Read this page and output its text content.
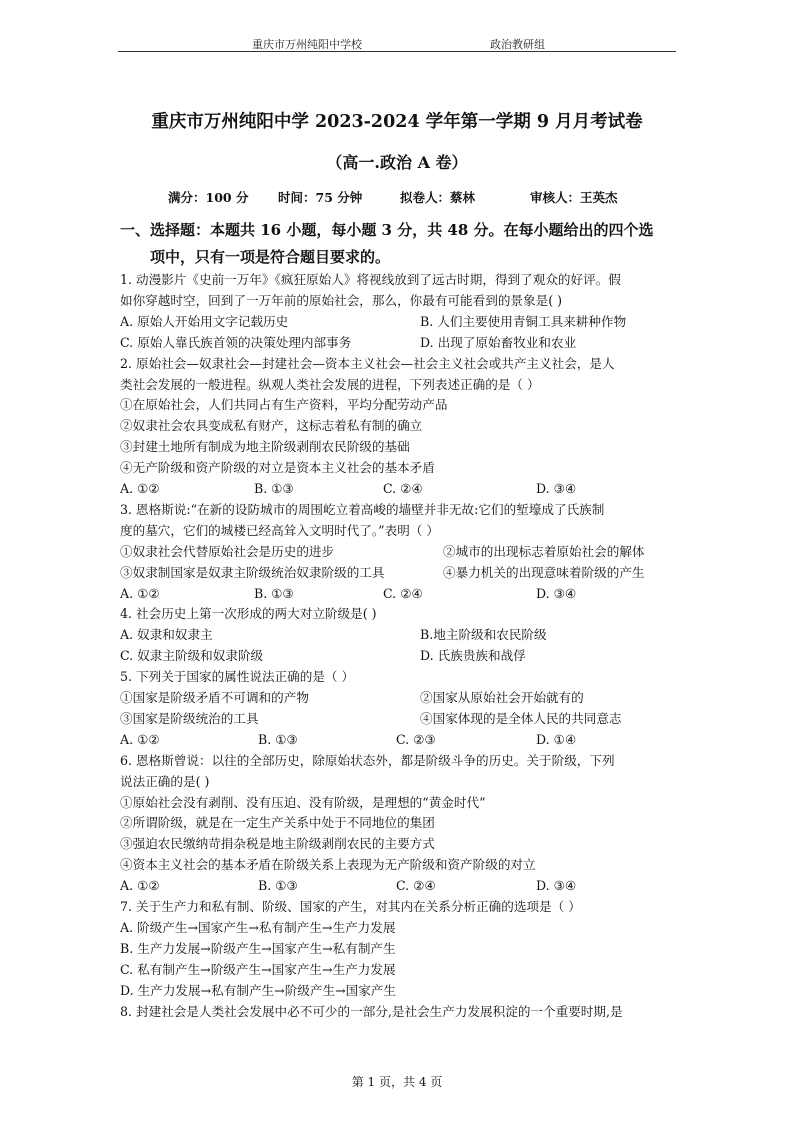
重庆市万州纯阳中学校	政治教研组
重庆市万州纯阳中学 2023-2024 学年第一学期 9 月月考试卷
（高一.政治 A 卷）
满分：100 分 时间：75 分钟	拟卷人：蔡林	审核人：王英杰
一、选择题：本题共 16 小题，每小题 3 分，共 48 分。在每小题给出的四个选
项中，只有一项是符合题目要求的。
1. 动漫影片《史前一万年》《疯狂原始人》将视线放到了远古时期，得到了观众的好评。假
如你穿越时空，回到了一万年前的原始社会，那么，你最有可能看到的景象是( )
A. 原始人开始用文字记载历史	B. 人们主要使用青铜工具来耕种作物
C. 原始人靠氏族首领的决策处理内部事务	D. 出现了原始畜牧业和农业
2. 原始社会—奴隶社会—封建社会—资本主义社会—社会主义社会或共产主义社会，是人
类社会发展的一般进程。纵观人类社会发展的进程，下列表述正确的是（ ）
①在原始社会，人们共同占有生产资料，平均分配劳动产品
②奴隶社会农具变成私有财产，这标志着私有制的确立
③封建土地所有制成为地主阶级剥削农民阶级的基础
④无产阶级和资产阶级的对立是资本主义社会的基本矛盾
A. ①②	B. ①③	C. ②④	D. ③④
3. 恩格斯说:“在新的设防城市的周围屹立着高峻的墙壁并非无故:它们的堑壕成了氏族制
度的墓穴，它们的城楼已经高耸入文明时代了。”表明（ ）
①奴隶社会代替原始社会是历史的进步	②城市的出现标志着原始社会的解体
③奴隶制国家是奴隶主阶级统治奴隶阶级的工具	④暴力机关的出现意味着阶级的产生
A. ①②	B. ①③	C. ②④	D. ③④
4. 社会历史上第一次形成的两大对立阶级是( )
A. 奴隶和奴隶主	B.地主阶级和农民阶级
C. 奴隶主阶级和奴隶阶级	D. 氏族贵族和战俘
5. 下列关于国家的属性说法正确的是（ ）
①国家是阶级矛盾不可调和的产物	②国家从原始社会开始就有的
③国家是阶级统治的工具	④国家体现的是全体人民的共同意志
A. ①②	B. ①③	C. ②③	D. ①④
6. 恩格斯曾说：以往的全部历史，除原始状态外，都是阶级斗争的历史。关于阶级，下列
说法正确的是( )
①原始社会没有剥削、没有压迫、没有阶级，是理想的“黄金时代”
②所谓阶级，就是在一定生产关系中处于不同地位的集团
③强迫农民缴纳苛捐杂税是地主阶级剥削农民的主要方式
④资本主义社会的基本矛盾在阶级关系上表现为无产阶级和资产阶级的对立
A. ①②	B. ①③	C. ②④	D. ③④
7. 关于生产力和私有制、阶级、国家的产生，对其内在关系分析正确的选项是（ ）
A. 阶级产生→国家产生→私有制产生→生产力发展
B. 生产力发展→阶级产生→国家产生→私有制产生
C. 私有制产生→阶级产生→国家产生→生产力发展
D. 生产力发展→私有制产生→阶级产生→国家产生
8. 封建社会是人类社会发展中必不可少的一部分,是社会生产力发展积淀的一个重要时期,是
第 1 页，共 4 页
